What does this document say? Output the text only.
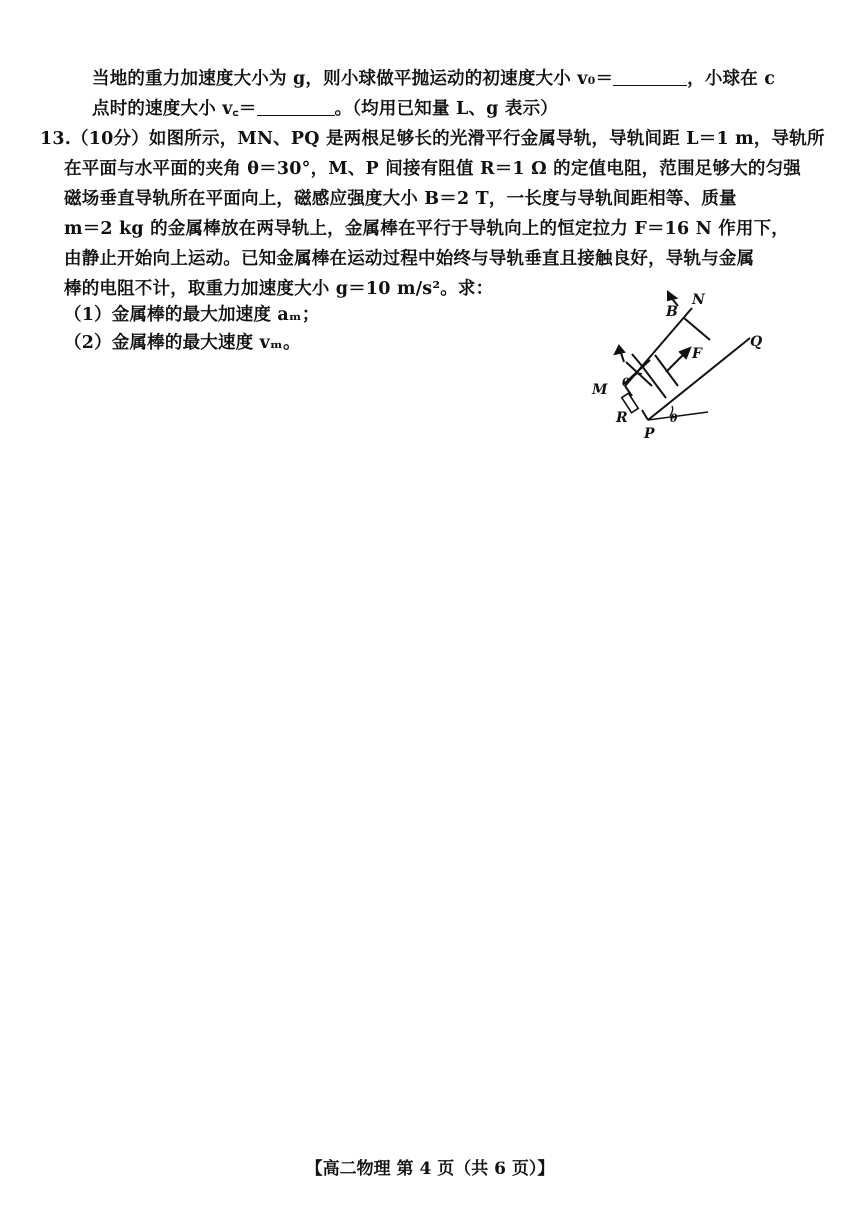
当地的重力加速度大小为 g，则小球做平抛运动的初速度大小 v₀＝	，小球在 c
点时的速度大小 v꜀＝	。（均用已知量 L、g 表示）
13.（10分）如图所示，MN、PQ 是两根足够长的光滑平行金属导轨，导轨间距 L＝1 m，导轨所
在平面与水平面的夹角 θ＝30°，M、P 间接有阻值 R＝1 Ω 的定值电阻，范围足够大的匀强
磁场垂直导轨所在平面向上，磁感应强度大小 B＝2 T，一长度与导轨间距相等、质量
m＝2 kg 的金属棒放在两导轨上，金属棒在平行于导轨向上的恒定拉力 F＝16 N 作用下，
由静止开始向上运动。已知金属棒在运动过程中始终与导轨垂直且接触良好，导轨与金属
棒的电阻不计，取重力加速度大小 g＝10 m/s²。求：
（1）金属棒的最大加速度 aₘ；
（2）金属棒的最大速度 vₘ。
B
N
Q
F
M
R
P
θ
θ
【高二物理 第 4 页（共 6 页）】
